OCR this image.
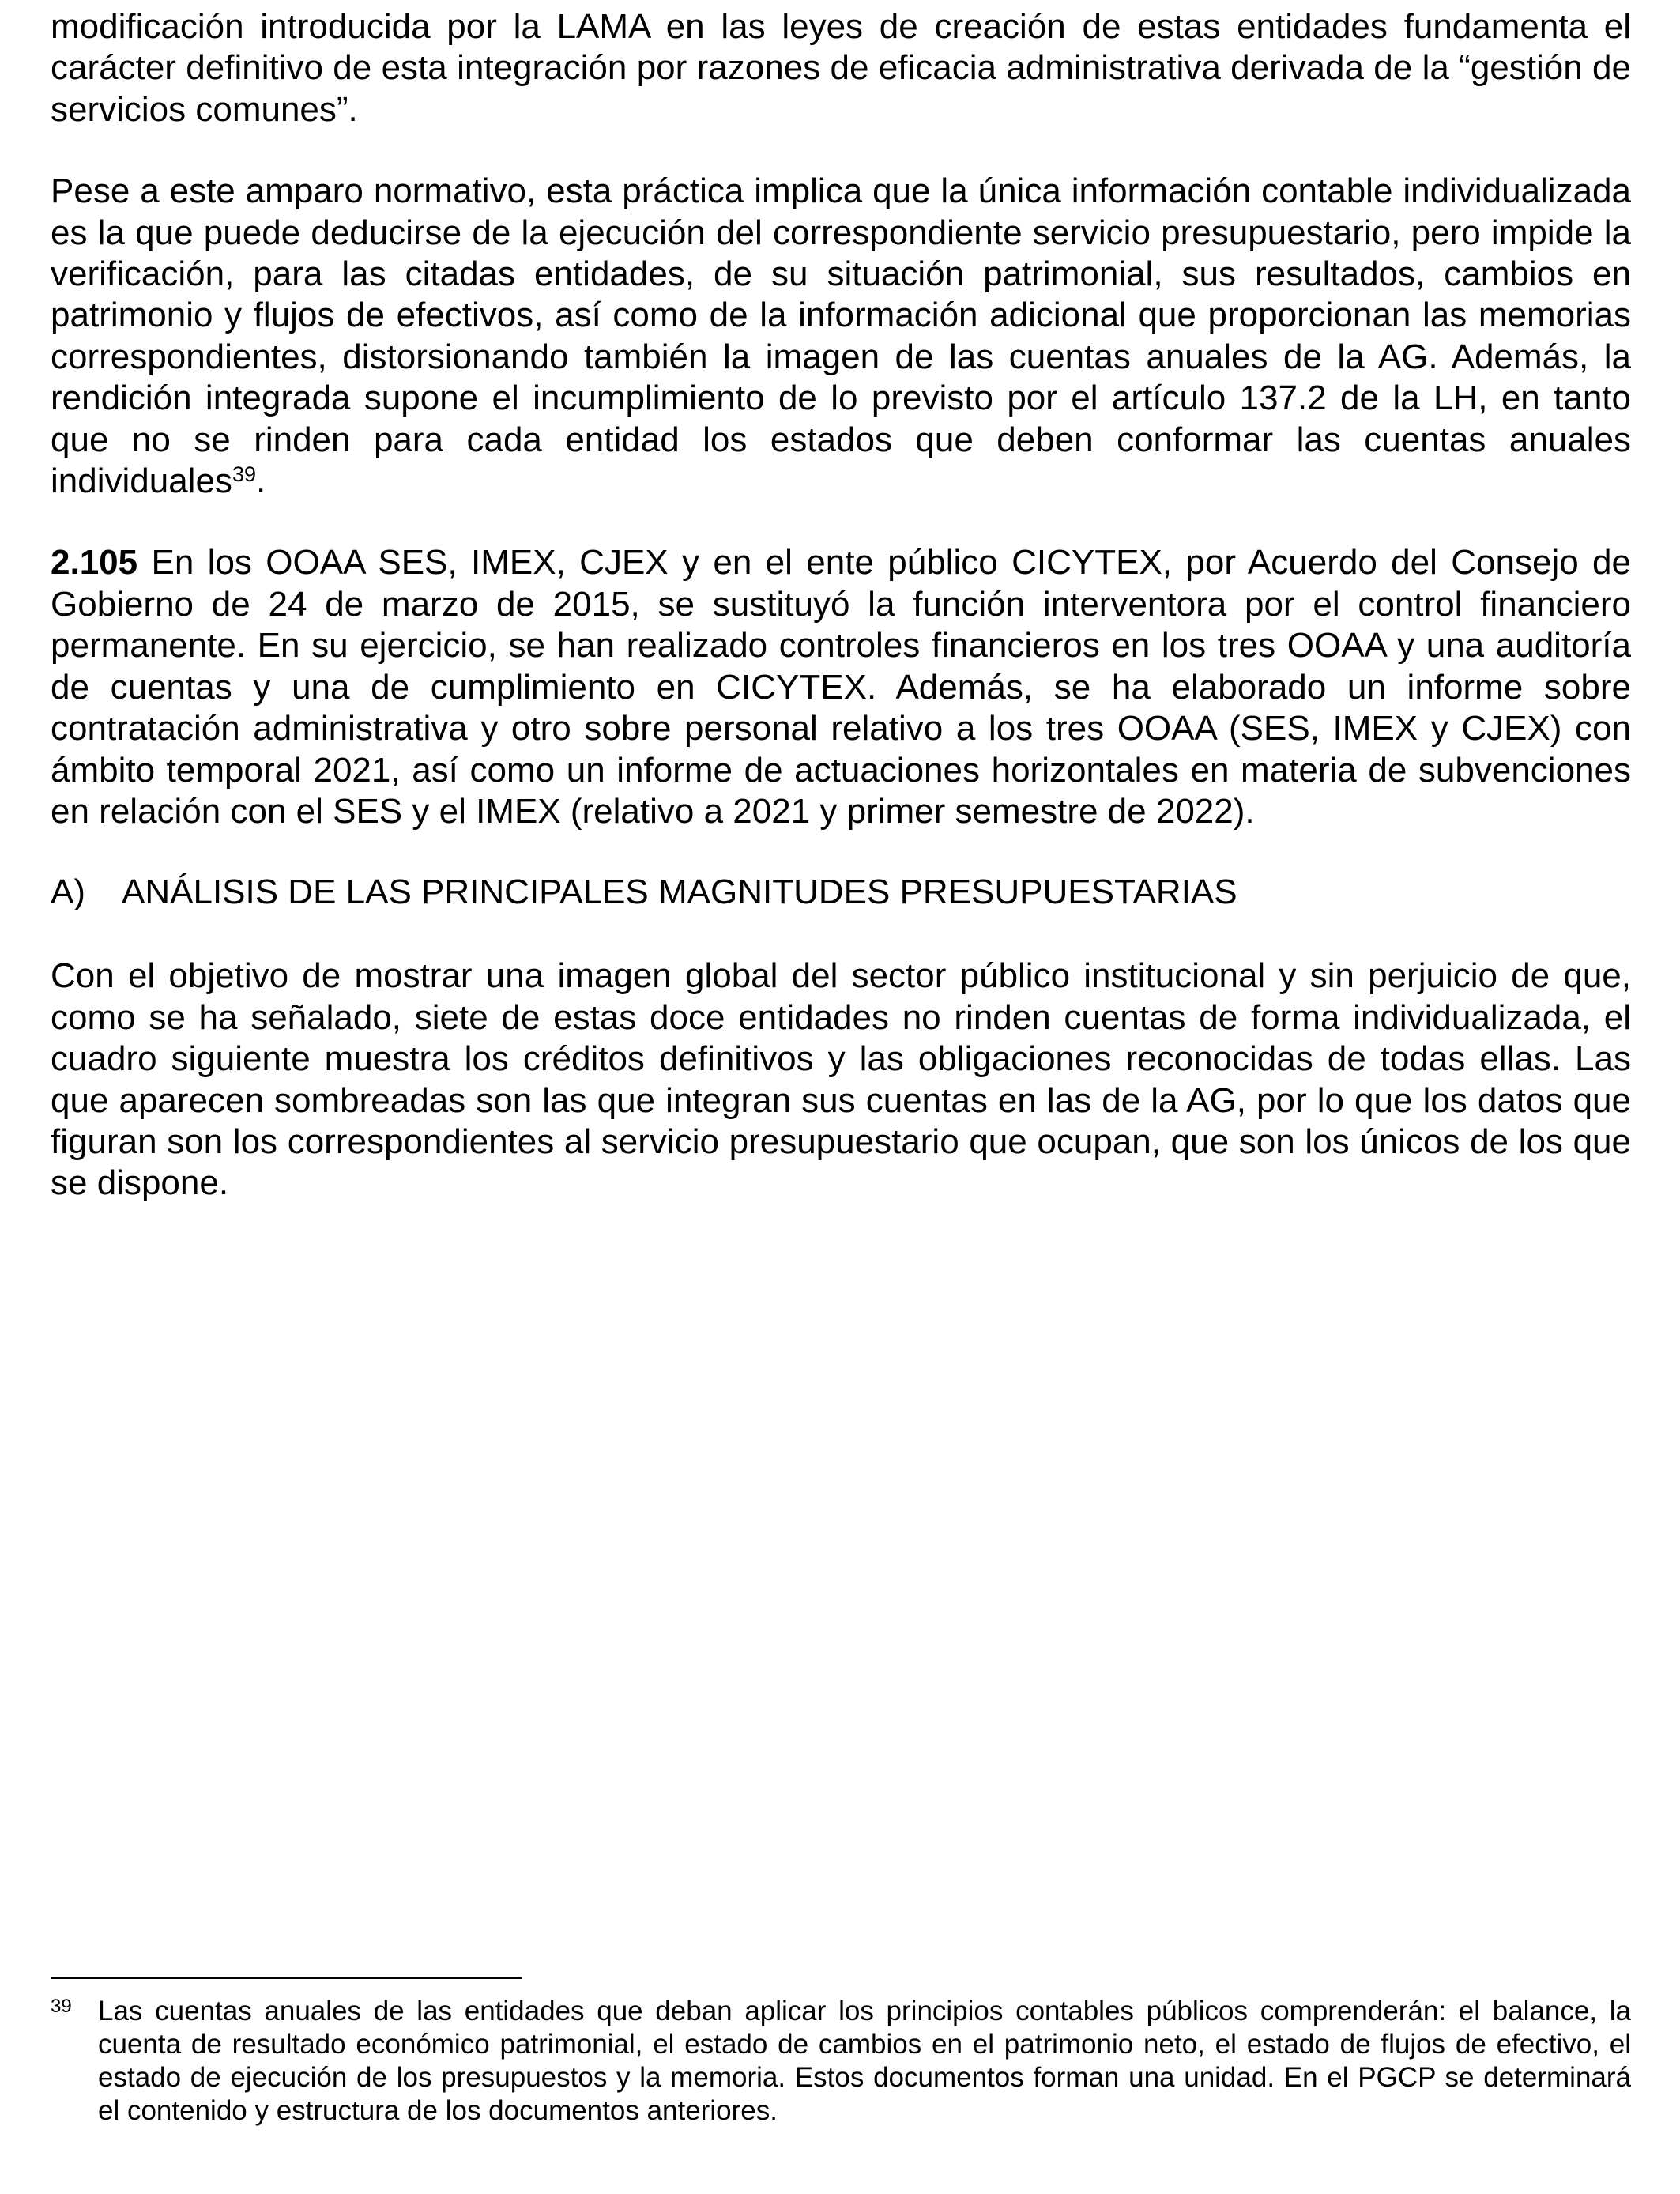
modificación introducida por la LAMA en las leyes de creación de estas entidades fundamenta el carácter definitivo de esta integración por razones de eficacia administrativa derivada de la “gestión de servicios comunes”.

Pese a este amparo normativo, esta práctica implica que la única información contable individualizada es la que puede deducirse de la ejecución del correspondiente servicio presupuestario, pero impide la verificación, para las citadas entidades, de su situación patrimonial, sus resultados, cambios en patrimonio y flujos de efectivos, así como de la información adicional que proporcionan las memorias correspondientes, distorsionando también la imagen de las cuentas anuales de la AG. Además, la rendición integrada supone el incumplimiento de lo previsto por el artículo 137.2 de la LH, en tanto que no se rinden para cada entidad los estados que deben conformar las cuentas anuales individuales$^{39}$.

2.105 En los OOAA SES, IMEX, CJEX y en el ente público CICYTEX, por Acuerdo del Consejo de Gobierno de 24 de marzo de 2015, se sustituyó la función interventora por el control financiero permanente. En su ejercicio, se han realizado controles financieros en los tres OOAA y una auditoría de cuentas y una de cumplimiento en CICYTEX. Además, se ha elaborado un informe sobre contratación administrativa y otro sobre personal relativo a los tres OOAA (SES, IMEX y CJEX) con ámbito temporal 2021, así como un informe de actuaciones horizontales en materia de subvenciones en relación con el SES y el IMEX (relativo a 2021 y primer semestre de 2022).

A)	ANÁLISIS DE LAS PRINCIPALES MAGNITUDES PRESUPUESTARIAS

Con el objetivo de mostrar una imagen global del sector público institucional y sin perjuicio de que, como se ha señalado, siete de estas doce entidades no rinden cuentas de forma individualizada, el cuadro siguiente muestra los créditos definitivos y las obligaciones reconocidas de todas ellas. Las que aparecen sombreadas son las que integran sus cuentas en las de la AG, por lo que los datos que figuran son los correspondientes al servicio presupuestario que ocupan, que son los únicos de los que se dispone.

39 Las cuentas anuales de las entidades que deban aplicar los principios contables públicos comprenderán: el balance, la cuenta de resultado económico patrimonial, el estado de cambios en el patrimonio neto, el estado de flujos de efectivo, el estado de ejecución de los presupuestos y la memoria. Estos documentos forman una unidad. En el PGCP se determinará el contenido y estructura de los documentos anteriores.
